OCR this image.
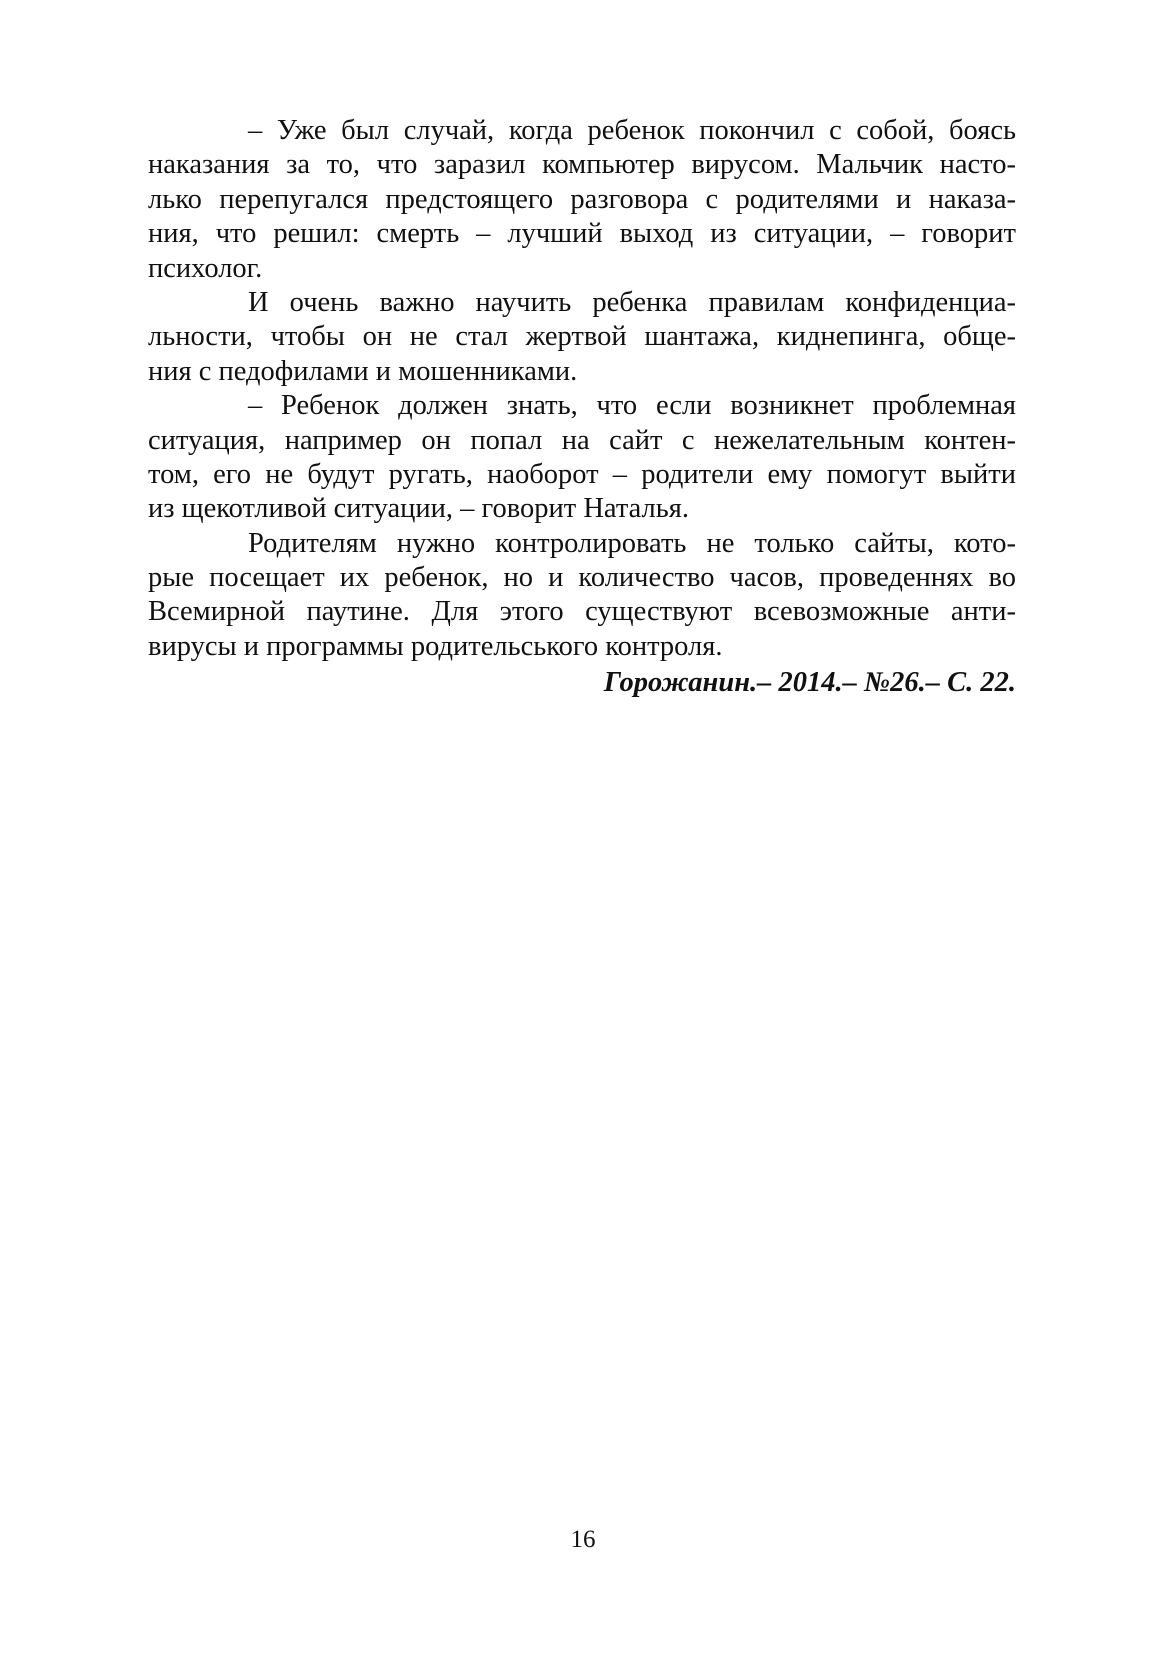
– Уже был случай, когда ребенок покончил с собой, боясь
наказания за то, что заразил компьютер вирусом. Мальчик насто-
лько перепугался предстоящего разговора с родителями и наказа-
ния, что решил: смерть – лучший выход из ситуации, – говорит
психолог.
И очень важно научить ребенка правилам конфиденциа-
льности, чтобы он не стал жертвой шантажа, киднепинга, обще-
ния с педофилами и мошенниками.
– Ребенок должен знать, что если возникнет проблемная
ситуация, например он попал на сайт с нежелательным контен-
том, его не будут ругать, наоборот – родители ему помогут выйти
из щекотливой ситуации, – говорит Наталья.
Родителям нужно контролировать не только сайты, кото-
рые посещает их ребенок, но и количество часов, проведеннях во
Всемирной паутине. Для этого существуют всевозможные анти-
вирусы и программы родительського контроля.
Горожанин.– 2014.– №26.– С. 22.
16
